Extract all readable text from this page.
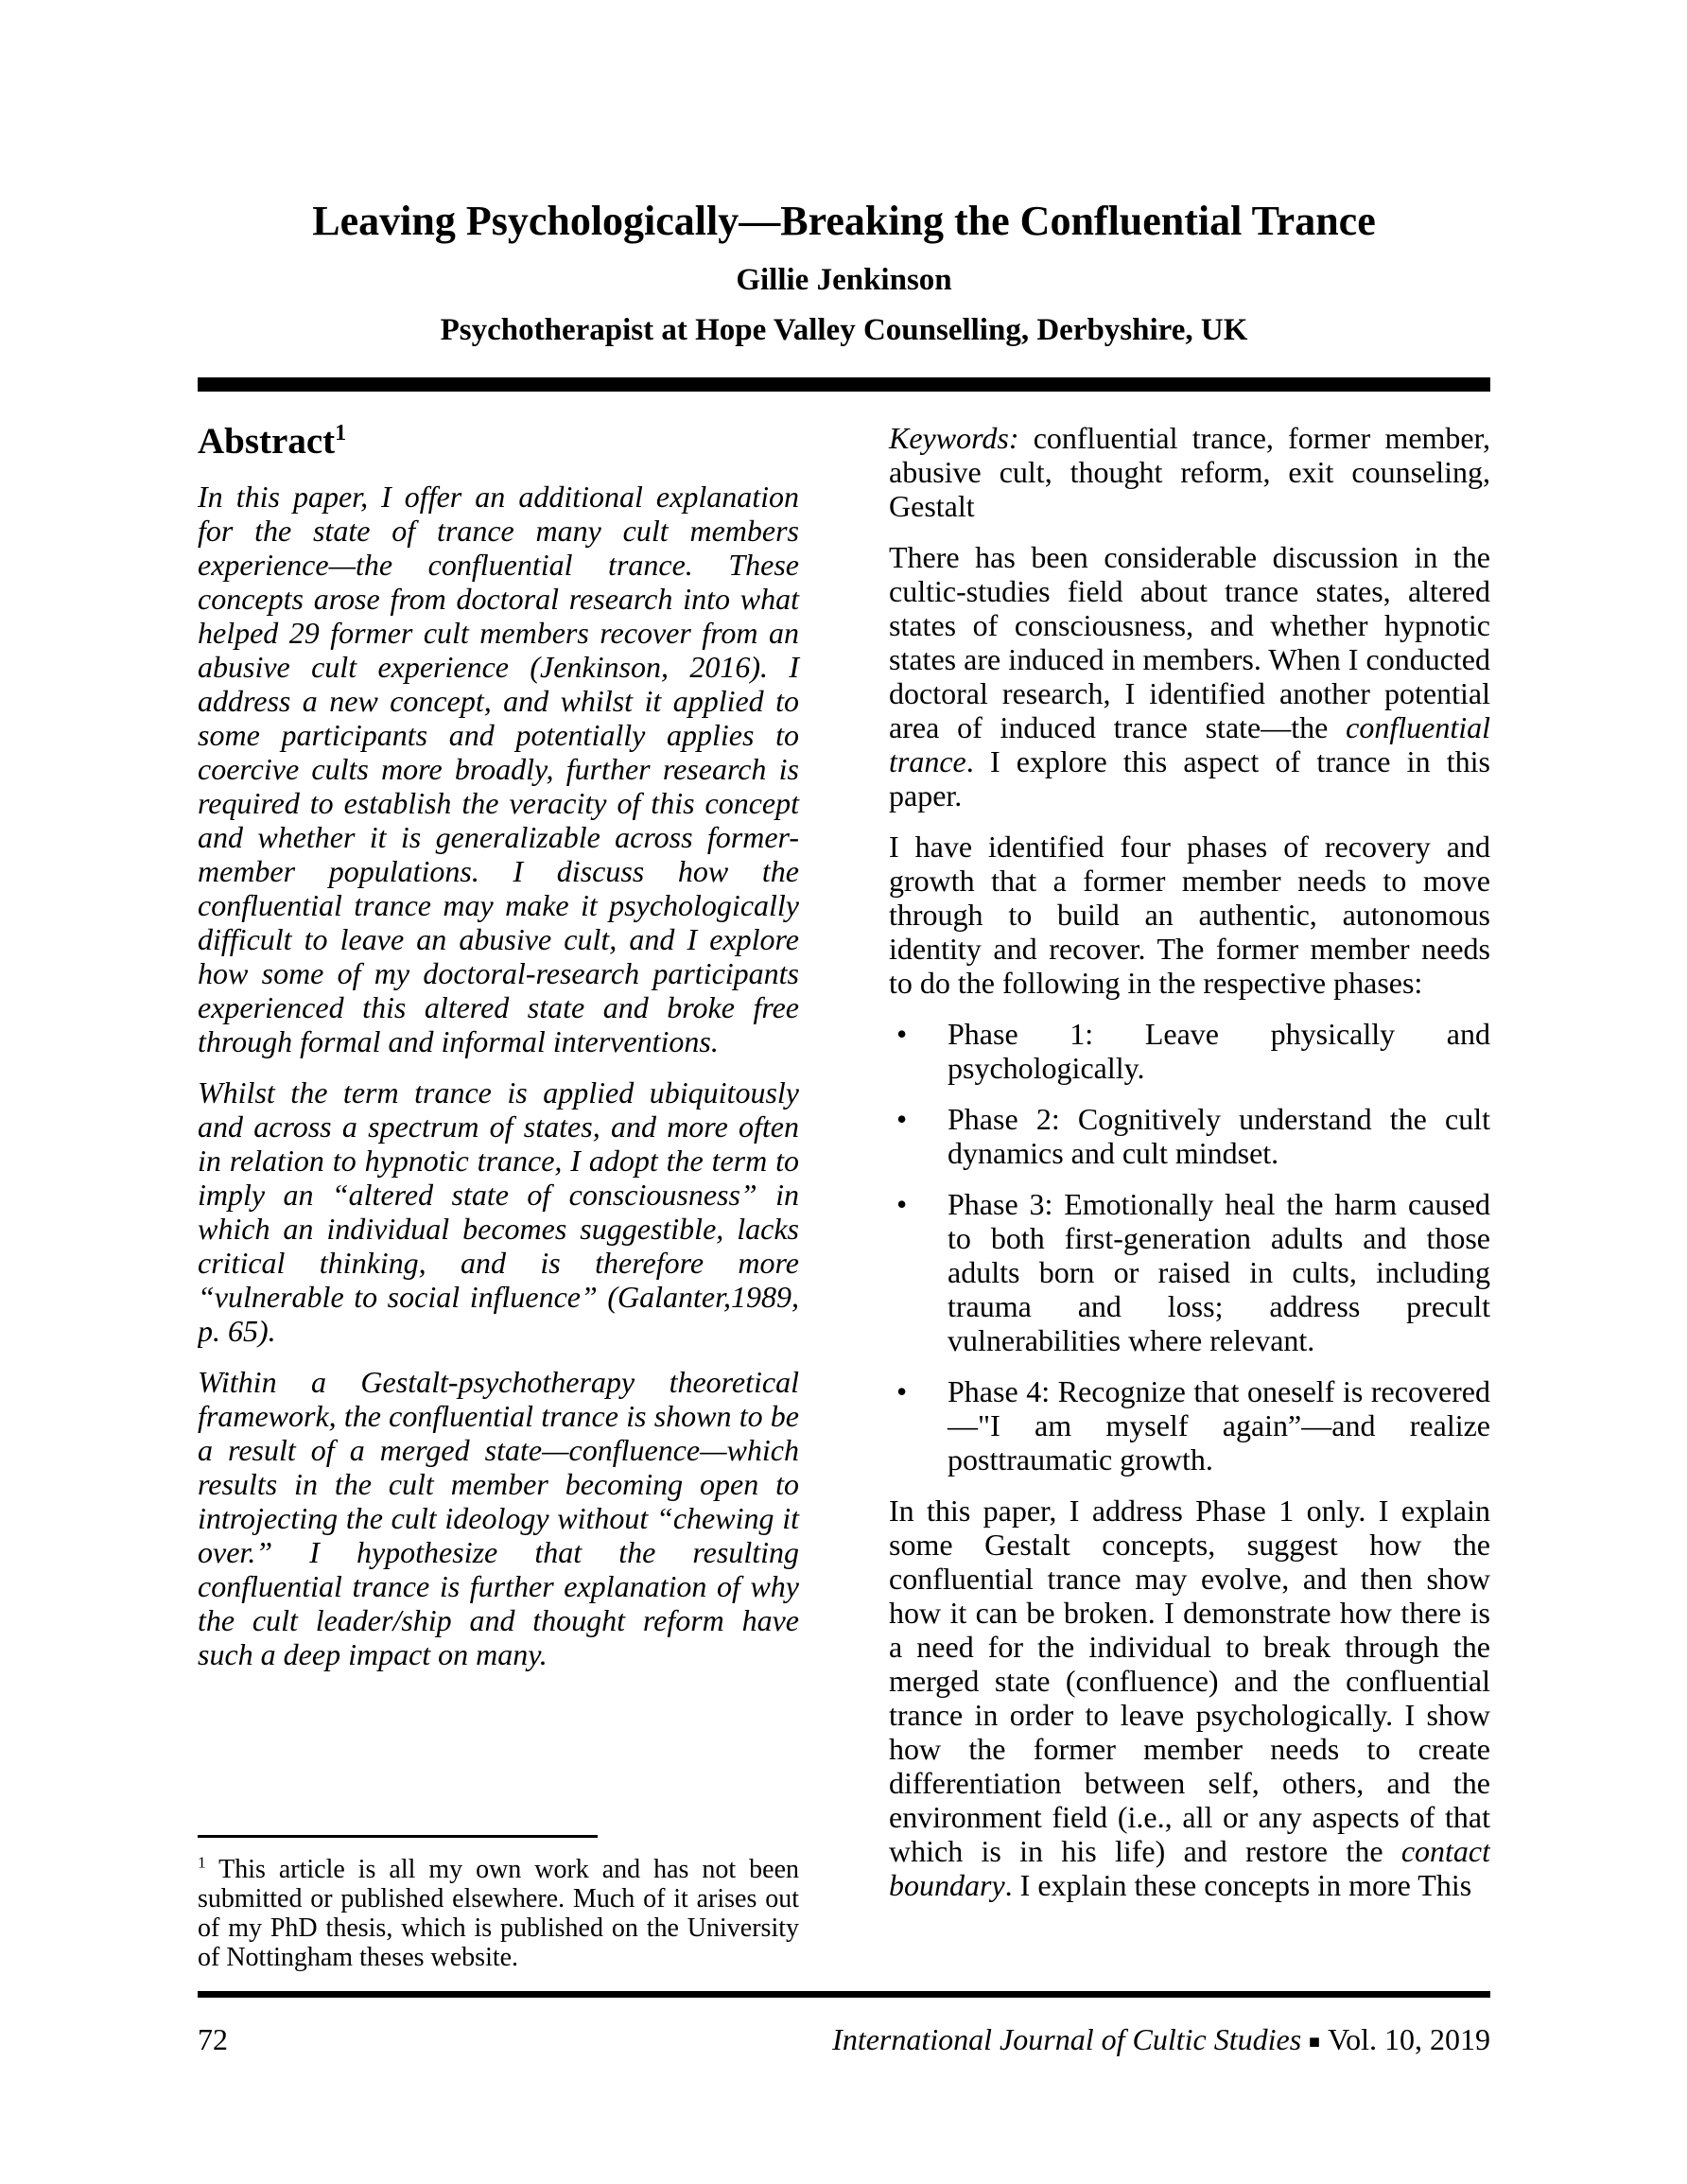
Leaving Psychologically—Breaking the Confluential Trance
Gillie Jenkinson
Psychotherapist at Hope Valley Counselling, Derbyshire, UK
Abstract$^1$

In this paper, I offer an additional explanation for the state of trance many cult members experience—the confluential trance. These concepts arose from doctoral research into what helped 29 former cult members recover from an abusive cult experience (Jenkinson, 2016). I address a new concept, and whilst it applied to some participants and potentially applies to coercive cults more broadly, further research is required to establish the veracity of this concept and whether it is generalizable across former-member populations. I discuss how the confluential trance may make it psychologically difficult to leave an abusive cult, and I explore how some of my doctoral-research participants experienced this altered state and broke free through formal and informal interventions.

Whilst the term trance is applied ubiquitously and across a spectrum of states, and more often in relation to hypnotic trance, I adopt the term to imply an “altered state of consciousness” in which an individual becomes suggestible, lacks critical thinking, and is therefore more “vulnerable to social influence” (Galanter,1989, p. 65).

Within a Gestalt-psychotherapy theoretical framework, the confluential trance is shown to be a result of a merged state—confluence—which results in the cult member becoming open to introjecting the cult ideology without “chewing it over.” I hypothesize that the resulting confluential trance is further explanation of why the cult leader/ship and thought reform have such a deep impact on many.

$^1$ This article is all my own work and has not been submitted or published elsewhere. Much of it arises out of my PhD thesis, which is published on the University of Nottingham theses website.

Keywords: confluential trance, former member, abusive cult, thought reform, exit counseling, Gestalt

There has been considerable discussion in the cultic-studies field about trance states, altered states of consciousness, and whether hypnotic states are induced in members. When I conducted doctoral research, I identified another potential area of induced trance state—the confluential trance. I explore this aspect of trance in this paper.

I have identified four phases of recovery and growth that a former member needs to move through to build an authentic, autonomous identity and recover. The former member needs to do the following in the respective phases:

•	Phase 1: Leave physically and psychologically.
•	Phase 2: Cognitively understand the cult dynamics and cult mindset.
•	Phase 3: Emotionally heal the harm caused to both first-generation adults and those adults born or raised in cults, including trauma and loss; address precult vulnerabilities where relevant.
•	Phase 4: Recognize that oneself is recovered—"I am myself again”—and realize posttraumatic growth.

In this paper, I address Phase 1 only. I explain some Gestalt concepts, suggest how the confluential trance may evolve, and then show how it can be broken. I demonstrate how there is a need for the individual to break through the merged state (confluence) and the confluential trance in order to leave psychologically. I show how the former member needs to create differentiation between self, others, and the environment field (i.e., all or any aspects of that which is in his life) and restore the contact boundary. I explain these concepts in more This

72	International Journal of Cultic Studies ■ Vol. 10, 2019
